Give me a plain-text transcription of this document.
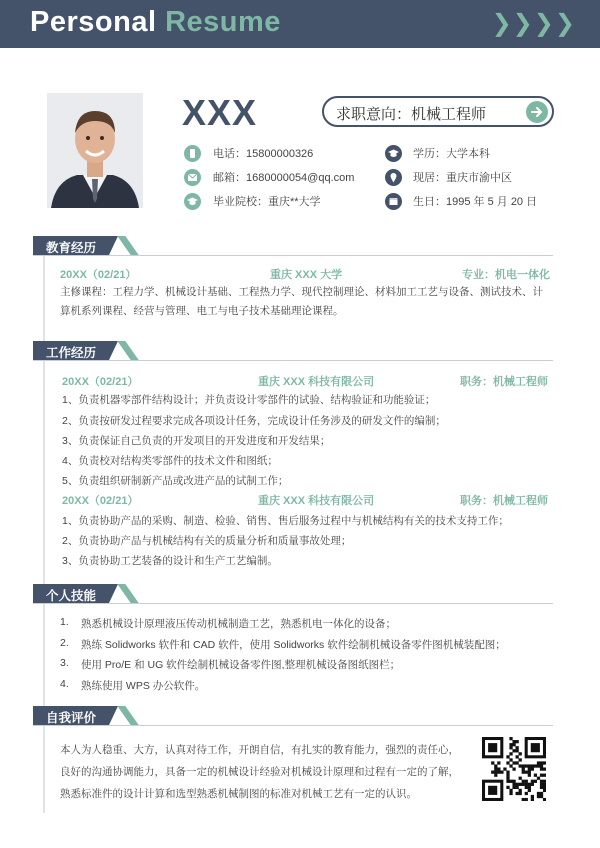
Personal Resume	❯❯❯❯
XXX	求职意向：机械工程师
电话：15800000326
邮箱：1680000054@qq.com
毕业院校：重庆**大学
学历：大学本科
现居：重庆市渝中区
生日：1995 年 5 月 20 日
教育经历
20XX（02/21）	重庆 XXX 大学	专业：机电一体化
主修课程：工程力学、机械设计基础、工程热力学、现代控制理论、材料加工工艺与设备、测试技术、计算机系列课程、经营与管理、电工与电子技术基础理论课程。
工作经历
20XX（02/21）	重庆 XXX 科技有限公司	职务：机械工程师
1、负责机器零部件结构设计；并负责设计零部件的试验、结构验证和功能验证；
2、负责按研发过程要求完成各项设计任务，完成设计任务涉及的研发文件的编制；
3、负责保证自己负责的开发项目的开发进度和开发结果；
4、负责校对结构类零部件的技术文件和图纸；
5、负责组织研制新产品或改进产品的试制工作；
20XX（02/21）	重庆 XXX 科技有限公司	职务：机械工程师
1、负责协助产品的采购、制造、检验、销售、售后服务过程中与机械结构有关的技术支持工作；
2、负责协助产品与机械结构有关的质量分析和质量事故处理；
3、负责协助工艺装备的设计和生产工艺编制。
个人技能
1. 熟悉机械设计原理液压传动机械制造工艺，熟悉机电一体化的设备；
2. 熟练 Solidworks 软件和 CAD 软件，使用 Solidworks 软件绘制机械设备零件图机械装配图；
3. 使用 Pro/E 和 UG 软件绘制机械设备零件图,整理机械设备图纸图栏；
4. 熟练使用 WPS 办公软件。
自我评价
本人为人稳重、大方，认真对待工作，开朗自信，有扎实的教育能力，强烈的责任心，
良好的沟通协调能力，具备一定的机械设计经验对机械设计原理和过程有一定的了解，
熟悉标准件的设计计算和选型熟悉机械制图的标准对机械工艺有一定的认识。
